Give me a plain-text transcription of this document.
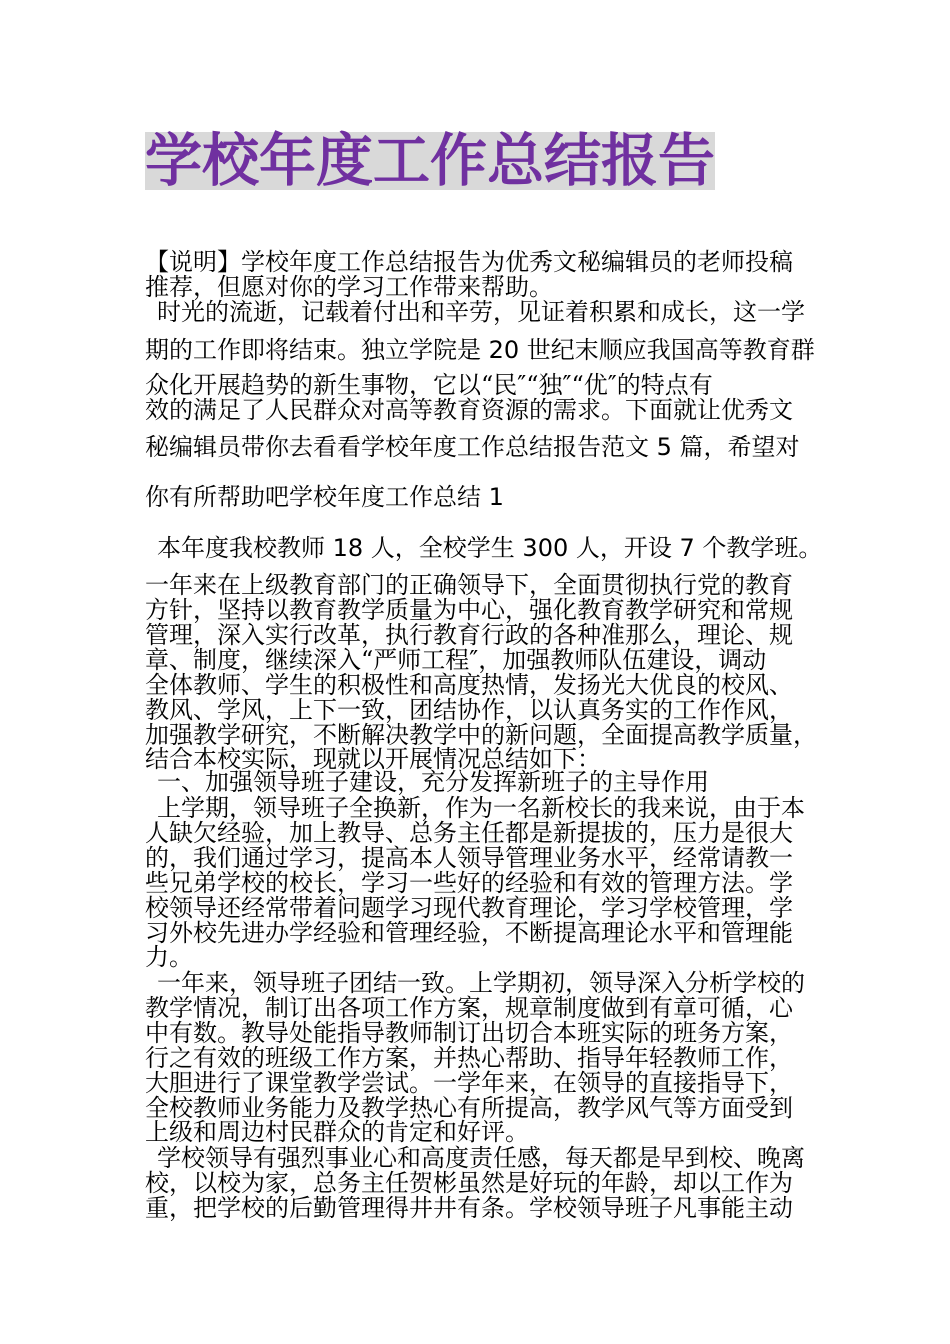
学校年度工作总结报告
【说明】学校年度工作总结报告为优秀文秘编辑员的老师投稿
推荐，但愿对你的学习工作带来帮助。
时光的流逝，记载着付出和辛劳，见证着积累和成长，这一学
期的工作即将结束。独立学院是 20 世纪末顺应我国高等教育群
众化开展趋势的新生事物，它以“民″“独″“优″的特点有
效的满足了人民群众对高等教育资源的需求。下面就让优秀文
秘编辑员带你去看看学校年度工作总结报告范文 5 篇，希望对
你有所帮助吧学校年度工作总结 1
本年度我校教师 18 人，全校学生 300 人，开设 7 个教学班。
一年来在上级教育部门的正确领导下，全面贯彻执行党的教育
方针，坚持以教育教学质量为中心，强化教育教学研究和常规
管理，深入实行改革，执行教育行政的各种准那么，理论、规
章、制度，继续深入“严师工程″，加强教师队伍建设，调动
全体教师、学生的积极性和高度热情，发扬光大优良的校风、
教风、学风，上下一致，团结协作，以认真务实的工作作风，
加强教学研究，不断解决教学中的新问题，全面提高教学质量，
结合本校实际，现就以开展情况总结如下：
一、加强领导班子建设，充分发挥新班子的主导作用
上学期，领导班子全换新，作为一名新校长的我来说，由于本
人缺欠经验，加上教导、总务主任都是新提拔的，压力是很大
的，我们通过学习，提高本人领导管理业务水平，经常请教一
些兄弟学校的校长，学习一些好的经验和有效的管理方法。学
校领导还经常带着问题学习现代教育理论，学习学校管理，学
习外校先进办学经验和管理经验，不断提高理论水平和管理能
力。
一年来，领导班子团结一致。上学期初，领导深入分析学校的
教学情况，制订出各项工作方案，规章制度做到有章可循，心
中有数。教导处能指导教师制订出切合本班实际的班务方案，
行之有效的班级工作方案，并热心帮助、指导年轻教师工作，
大胆进行了课堂教学尝试。一学年来，在领导的直接指导下，
全校教师业务能力及教学热心有所提高，教学风气等方面受到
上级和周边村民群众的肯定和好评。
学校领导有强烈事业心和高度责任感，每天都是早到校、晚离
校，以校为家，总务主任贺彬虽然是好玩的年龄，却以工作为
重，把学校的后勤管理得井井有条。学校领导班子凡事能主动
